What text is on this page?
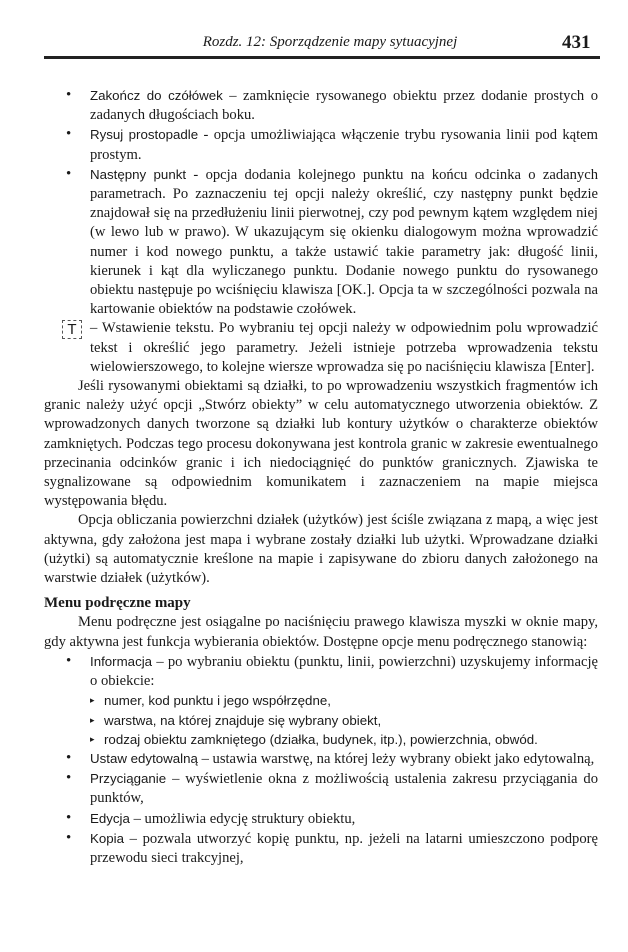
Rozdz. 12: Sporządzenie mapy sytuacyjnej	431
• Zakończ do czółówek – zamknięcie rysowanego obiektu przez dodanie prostych o zadanych długościach boku.
• Rysuj prostopadle - opcja umożliwiająca włączenie trybu rysowania linii pod kątem prostym.
• Następny punkt - opcja dodania kolejnego punktu na końcu odcinka o zadanych parametrach. Po zaznaczeniu tej opcji należy określić, czy następny punkt będzie znajdował się na przedłużeniu linii pierwotnej, czy pod pewnym kątem względem niej (w lewo lub w prawo). W ukazującym się okienku dialogowym można wprowadzić numer i kod nowego punktu, a także ustawić takie parametry jak: długość linii, kierunek i kąt dla wyliczanego punktu. Dodanie nowego punktu do rysowanego obiektu następuje po wciśnięciu klawisza [OK.]. Opcja ta w szczególności pozwala na kartowanie obiektów na podstawie czołówek.
T – Wstawienie tekstu. Po wybraniu tej opcji należy w odpowiednim polu wprowadzić tekst i określić jego parametry. Jeżeli istnieje potrzeba wprowadzenia tekstu wielowierszowego, to kolejne wiersze wprowadza się po naciśnięciu klawisza [Enter].

Jeśli rysowanymi obiektami są działki, to po wprowadzeniu wszystkich fragmentów ich granic należy użyć opcji „Stwórz obiekty” w celu automatycznego utworzenia obiektów. Z wprowadzonych danych tworzone są działki lub kontury użytków o charakterze obiektów zamkniętych. Podczas tego procesu dokonywana jest kontrola granic w zakresie ewentualnego przecinania odcinków granic i ich niedociągnięć do punktów granicznych. Zjawiska te sygnalizowane są odpowiednim komunikatem i zaznaczeniem na mapie miejsca występowania błędu.

Opcja obliczania powierzchni działek (użytków) jest ściśle związana z mapą, a więc jest aktywna, gdy założona jest mapa i wybrane zostały działki lub użytki. Wprowadzane działki (użytki) są automatycznie kreślone na mapie i zapisywane do zbioru danych założonego na warstwie działek (użytków).

Menu podręczne mapy

Menu podręczne jest osiągalne po naciśnięciu prawego klawisza myszki w oknie mapy, gdy aktywna jest funkcja wybierania obiektów. Dostępne opcje menu podręcznego stanowią:

• Informacja – po wybraniu obiektu (punktu, linii, powierzchni) uzyskujemy informację o obiekcie:
▸ numer, kod punktu i jego współrzędne,
▸ warstwa, na której znajduje się wybrany obiekt,
▸ rodzaj obiektu zamkniętego (działka, budynek, itp.), powierzchnia, obwód.
• Ustaw edytowalną – ustawia warstwę, na której leży wybrany obiekt jako edytowalną,
• Przyciąganie – wyświetlenie okna z możliwością ustalenia zakresu przyciągania do punktów,
• Edycja – umożliwia edycję struktury obiektu,
• Kopia – pozwala utworzyć kopię punktu, np. jeżeli na latarni umieszczono podporę przewodu sieci trakcyjnej,
